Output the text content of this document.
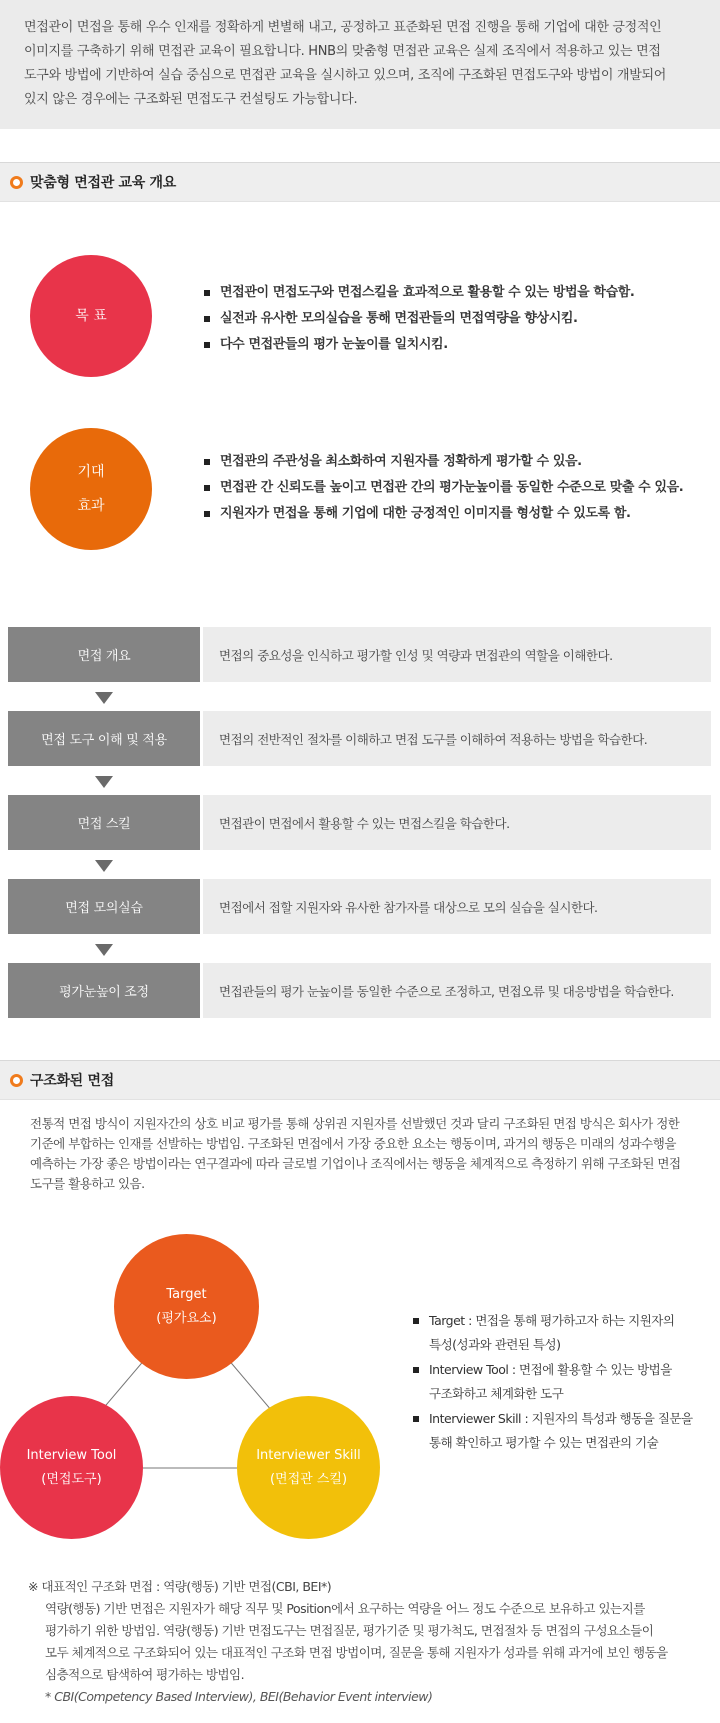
면접관이 면접을 통해 우수 인재를 정확하게 변별해 내고, 공정하고 표준화된 면접 진행을 통해 기업에 대한 긍정적인
이미지를 구축하기 위해 면접관 교육이 필요합니다. HNB의 맞춤형 면접관 교육은 실제 조직에서 적용하고 있는 면접
도구와 방법에 기반하여 실습 중심으로 면접관 교육을 실시하고 있으며, 조직에 구조화된 면접도구와 방법이 개발되어
있지 않은 경우에는 구조화된 면접도구 컨설팅도 가능합니다.

맞춤형 면접관 교육 개요
목 표
면접관이 면접도구와 면접스킬을 효과적으로 활용할 수 있는 방법을 학습함.
실전과 유사한 모의실습을 통해 면접관들의 면접역량을 향상시킴.
다수 면접관들의 평가 눈높이를 일치시킴.
기대
효과
면접관의 주관성을 최소화하여 지원자를 정확하게 평가할 수 있음.
면접관 간 신뢰도를 높이고 면접관 간의 평가눈높이를 동일한 수준으로 맞출 수 있음.
지원자가 면접을 통해 기업에 대한 긍정적인 이미지를 형성할 수 있도록 함.
면접 개요	면접의 중요성을 인식하고 평가할 인성 및 역량과 면접관의 역할을 이해한다.
면접 도구 이해 및 적용	면접의 전반적인 절차를 이해하고 면접 도구를 이해하여 적용하는 방법을 학습한다.
면접 스킬	면접관이 면접에서 활용할 수 있는 면접스킬을 학습한다.
면접 모의실습	면접에서 접할 지원자와 유사한 참가자를 대상으로 모의 실습을 실시한다.
평가눈높이 조정	면접관들의 평가 눈높이를 동일한 수준으로 조정하고, 면접오류 및 대응방법을 학습한다.
구조화된 면접
전통적 면접 방식이 지원자간의 상호 비교 평가를 통해 상위권 지원자를 선발했던 것과 달리 구조화된 면접 방식은 회사가 정한
기준에 부합하는 인재를 선발하는 방법임. 구조화된 면접에서 가장 중요한 요소는 행동이며, 과거의 행동은 미래의 성과수행을
예측하는 가장 좋은 방법이라는 연구결과에 따라 글로벌 기업이나 조직에서는 행동을 체계적으로 측정하기 위해 구조화된 면접
도구를 활용하고 있음.
Target
(평가요소)
Interview Tool
(면접도구)
Interviewer Skill
(면접관 스킬)
Target : 면접을 통해 평가하고자 하는 지원자의
특성(성과와 관련된 특성)
Interview Tool : 면접에 활용할 수 있는 방법을
구조화하고 체계화한 도구
Interviewer Skill : 지원자의 특성과 행동을 질문을
통해 확인하고 평가할 수 있는 면접관의 기술
※ 대표적인 구조화 면접 : 역량(행동) 기반 면접(CBI, BEI*)
역량(행동) 기반 면접은 지원자가 해당 직무 및 Position에서 요구하는 역량을 어느 정도 수준으로 보유하고 있는지를
평가하기 위한 방법임. 역량(행동) 기반 면접도구는 면접질문, 평가기준 및 평가척도, 면접절차 등 면접의 구성요소들이
모두 체계적으로 구조화되어 있는 대표적인 구조화 면접 방법이며, 질문을 통해 지원자가 성과를 위해 과거에 보인 행동을
심층적으로 탐색하여 평가하는 방법임.
* CBI(Competency Based Interview), BEI(Behavior Event interview)
